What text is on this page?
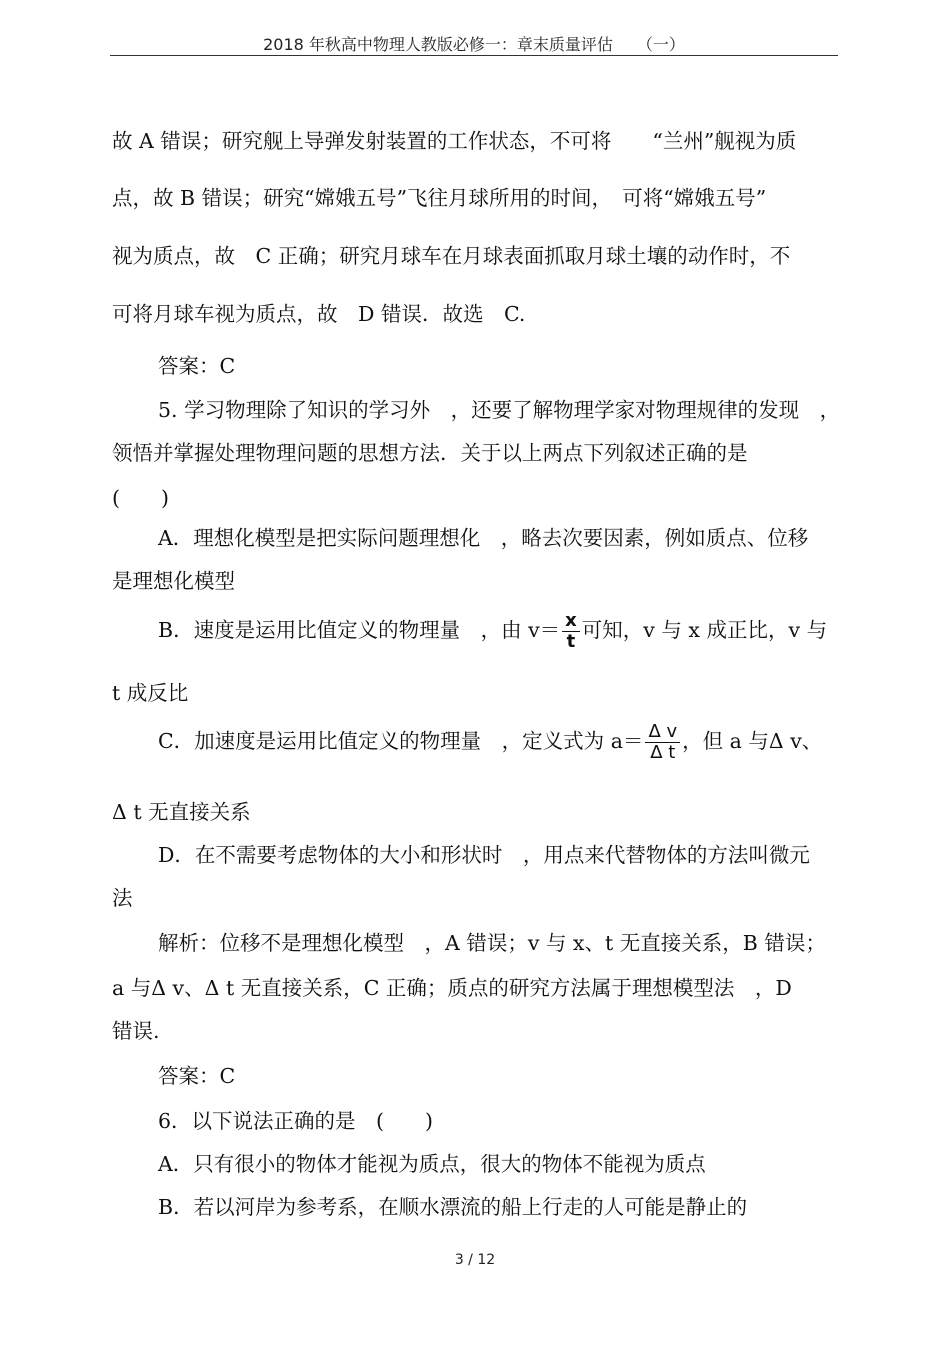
2018 年秋高中物理人教版必修一：章末质量评估　　（一）
故 A 错误；研究舰上导弹发射装置的工作状态，不可将　　“兰州”舰视为质
点，故 B 错误；研究“嫦娥五号”飞往月球所用的时间，　可将“嫦娥五号”
视为质点，故　C 正确；研究月球车在月球表面抓取月球土壤的动作时，不
可将月球车视为质点，故　D 错误．故选　C.
答案：C
5. 学习物理除了知识的学习外　，还要了解物理学家对物理规律的发现　，
领悟并掌握处理物理问题的思想方法．关于以上两点下列叙述正确的是
(　　)
A．理想化模型是把实际问题理想化　，略去次要因素，例如质点、位移
是理想化模型
B．速度是运用比值定义的物理量　，由 $v= \frac{x}{t}$ 可知，v 与 x 成正比，v 与
t 成反比
C．加速度是运用比值定义的物理量　，定义式为 $a= \frac{\text{Δ v}}{\text{Δ t}}$ ，但 a 与Δ v、
Δ t 无直接关系
D．在不需要考虑物体的大小和形状时　，用点来代替物体的方法叫微元
法
解析：位移不是理想化模型　，A 错误；v 与 x、t 无直接关系，B 错误；
a 与Δ v、Δ t 无直接关系，C 正确；质点的研究方法属于理想模型法　，D
错误.
答案：C
6．以下说法正确的是　(　　)
A．只有很小的物体才能视为质点，很大的物体不能视为质点
B．若以河岸为参考系，在顺水漂流的船上行走的人可能是静止的
3 / 12
